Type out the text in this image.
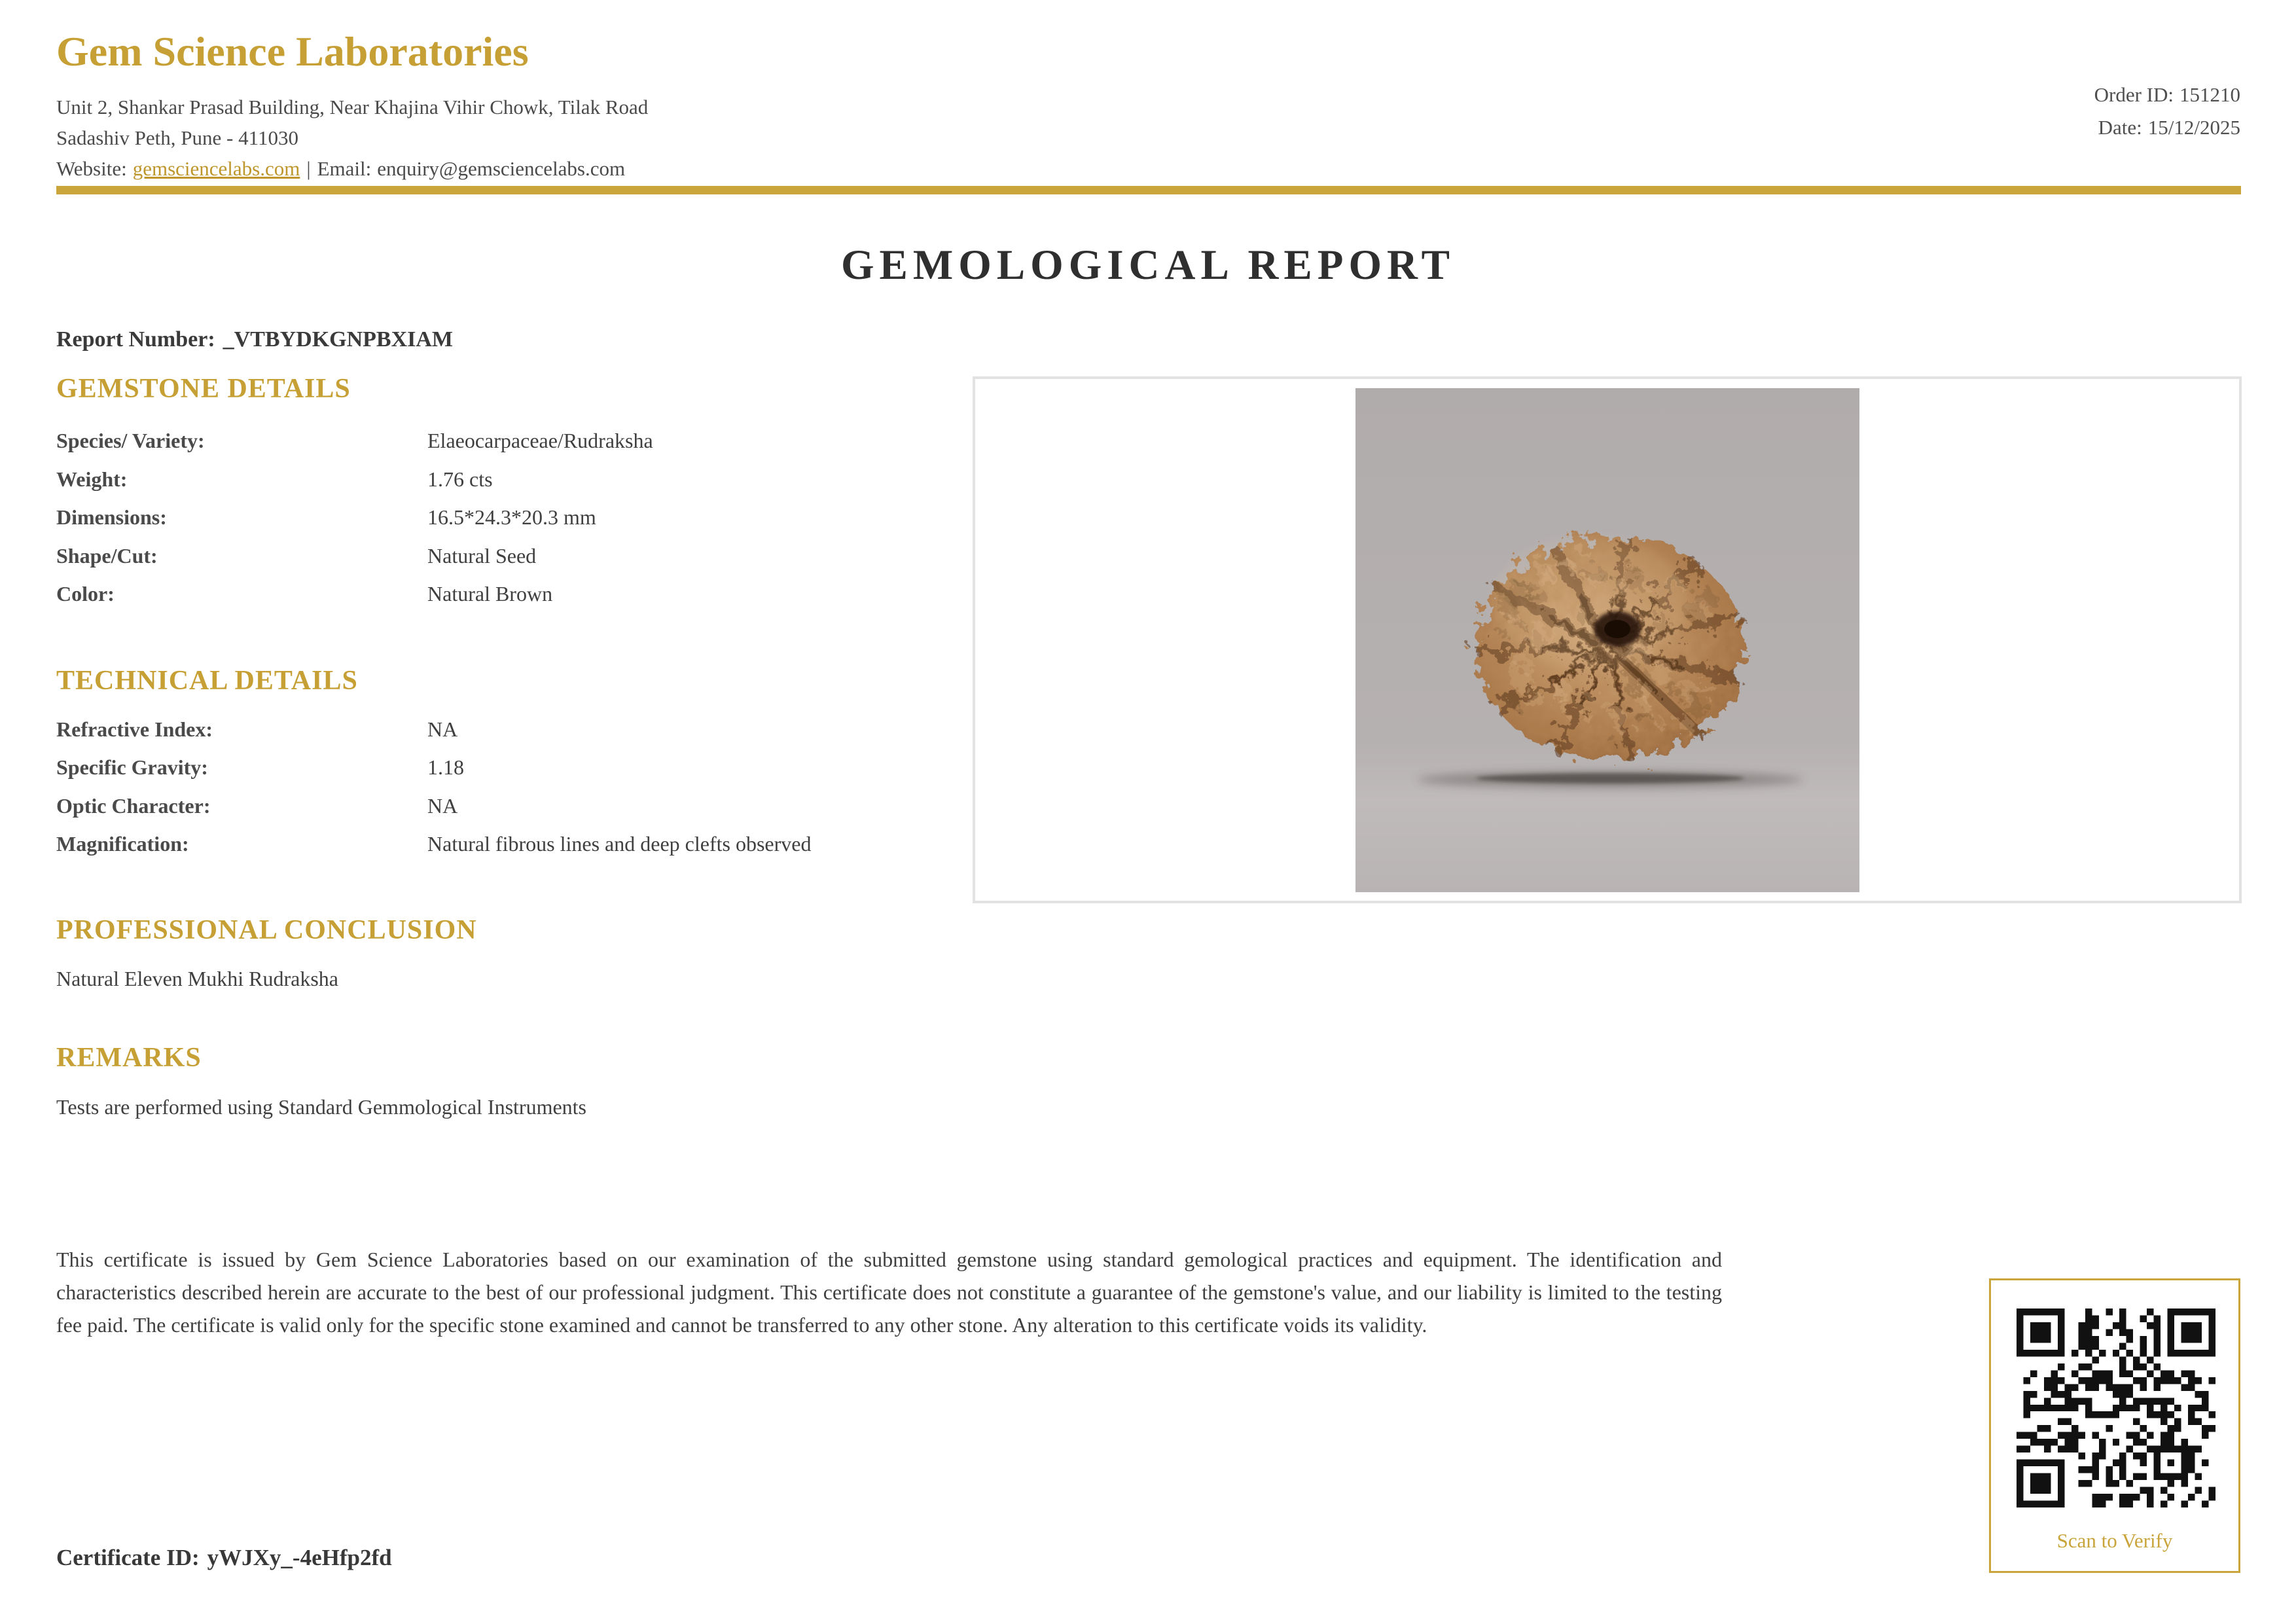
Gem Science Laboratories
Unit 2, Shankar Prasad Building, Near Khajina Vihir Chowk, Tilak Road
Sadashiv Peth, Pune - 411030

Website: gemsciencelabs.com | Email: enquiry@gemsciencelabs.com
Order ID: 151210
Date: 15/12/2025
GEMOLOGICAL REPORT
Report Number: _VTBYDKGNPBXIAM
GEMSTONE DETAILS
Species/ Variety:	Elaeocarpaceae/Rudraksha
Weight:	1.76 cts
Dimensions:	16.5*24.3*20.3 mm
Shape/Cut:	Natural Seed
Color:	Natural Brown
TECHNICAL DETAILS
Refractive Index:	NA
Specific Gravity:	1.18
Optic Character:	NA
Magnification:	Natural fibrous lines and deep clefts observed
PROFESSIONAL CONCLUSION
Natural Eleven Mukhi Rudraksha
REMARKS
Tests are performed using Standard Gemmological Instruments
This certificate is issued by Gem Science Laboratories based on our examination of the submitted gemstone using standard gemological practices and equipment. The identification and characteristics described herein are accurate to the best of our professional judgment. This certificate does not constitute a guarantee of the gemstone's value, and our liability is limited to the testing fee paid. The certificate is valid only for the specific stone examined and cannot be transferred to any other stone. Any alteration to this certificate voids its validity.
Scan to Verify
Certificate ID: yWJXy_-4eHfp2fd
